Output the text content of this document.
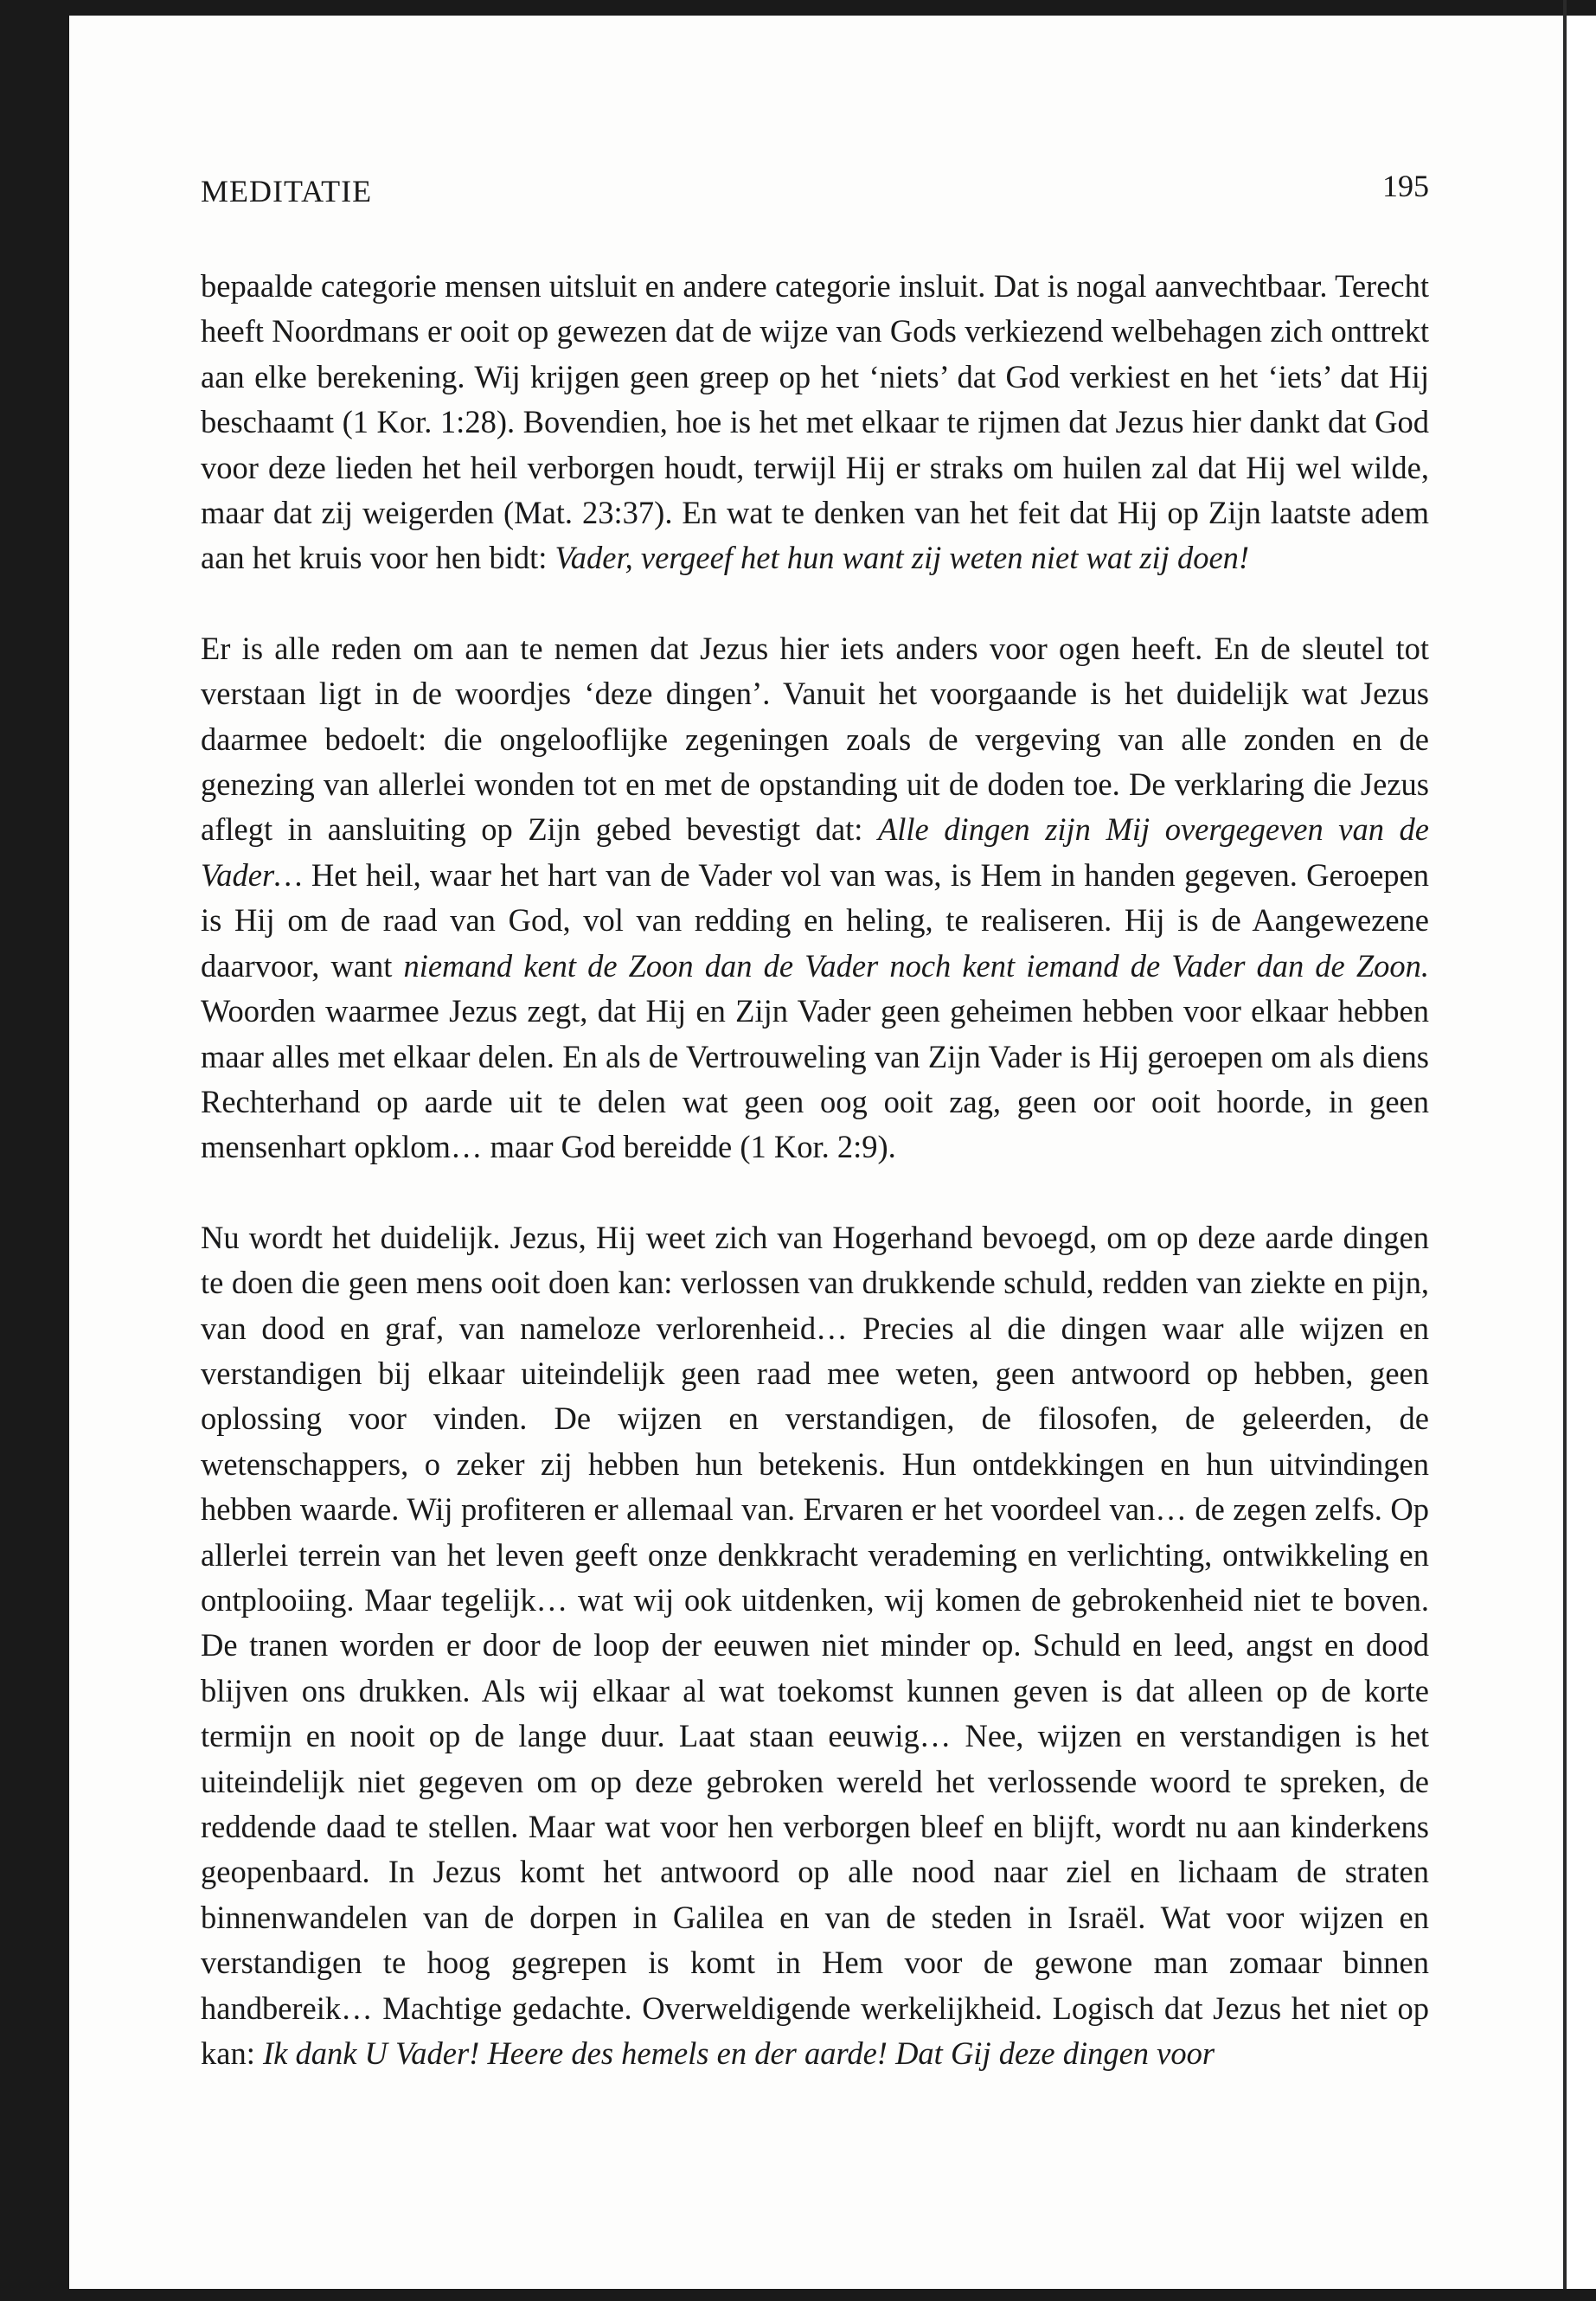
MEDITATIE	195

bepaalde categorie mensen uitsluit en andere categorie insluit. Dat is nogal aanvechtbaar. Terecht heeft Noordmans er ooit op gewezen dat de wijze van Gods verkiezend welbehagen zich onttrekt aan elke berekening. Wij krijgen geen greep op het ‘niets’ dat God verkiest en het ‘iets’ dat Hij beschaamt (1 Kor. 1:28). Bovendien, hoe is het met elkaar te rijmen dat Jezus hier dankt dat God voor deze lieden het heil verborgen houdt, terwijl Hij er straks om huilen zal dat Hij wel wilde, maar dat zij weigerden (Mat. 23:37). En wat te denken van het feit dat Hij op Zijn laatste adem aan het kruis voor hen bidt: Vader, vergeef het hun want zij weten niet wat zij doen!

Er is alle reden om aan te nemen dat Jezus hier iets anders voor ogen heeft. En de sleutel tot verstaan ligt in de woordjes ‘deze dingen’. Vanuit het voorgaande is het duidelijk wat Jezus daarmee bedoelt: die ongelooflijke zegeningen zoals de vergeving van alle zonden en de genezing van allerlei wonden tot en met de opstanding uit de doden toe. De verklaring die Jezus aflegt in aansluiting op Zijn gebed bevestigt dat: Alle dingen zijn Mij overgegeven van de Vader… Het heil, waar het hart van de Vader vol van was, is Hem in handen gegeven. Geroepen is Hij om de raad van God, vol van redding en heling, te realiseren. Hij is de Aangewezene daarvoor, want niemand kent de Zoon dan de Vader noch kent iemand de Vader dan de Zoon. Woorden waarmee Jezus zegt, dat Hij en Zijn Vader geen geheimen hebben voor elkaar hebben maar alles met elkaar delen. En als de Vertrouweling van Zijn Vader is Hij geroepen om als diens Rechterhand op aarde uit te delen wat geen oog ooit zag, geen oor ooit hoorde, in geen mensenhart opklom… maar God bereidde (1 Kor. 2:9).

Nu wordt het duidelijk. Jezus, Hij weet zich van Hogerhand bevoegd, om op deze aarde dingen te doen die geen mens ooit doen kan: verlossen van drukkende schuld, redden van ziekte en pijn, van dood en graf, van nameloze verlorenheid… Precies al die dingen waar alle wijzen en verstandigen bij elkaar uiteindelijk geen raad mee weten, geen antwoord op hebben, geen oplossing voor vinden. De wijzen en verstandigen, de filosofen, de geleerden, de wetenschappers, o zeker zij hebben hun betekenis. Hun ontdekkingen en hun uitvindingen hebben waarde. Wij profiteren er allemaal van. Ervaren er het voordeel van… de zegen zelfs. Op allerlei terrein van het leven geeft onze denkkracht verademing en verlichting, ontwikkeling en ontplooiing. Maar tegelijk… wat wij ook uitdenken, wij komen de gebrokenheid niet te boven. De tranen worden er door de loop der eeuwen niet minder op. Schuld en leed, angst en dood blijven ons drukken. Als wij elkaar al wat toekomst kunnen geven is dat alleen op de korte termijn en nooit op de lange duur. Laat staan eeuwig… Nee, wijzen en verstandigen is het uiteindelijk niet gegeven om op deze gebroken wereld het verlossende woord te spreken, de reddende daad te stellen. Maar wat voor hen verborgen bleef en blijft, wordt nu aan kinderkens geopenbaard. In Jezus komt het antwoord op alle nood naar ziel en lichaam de straten binnenwandelen van de dorpen in Galilea en van de steden in Israël. Wat voor wijzen en verstandigen te hoog gegrepen is komt in Hem voor de gewone man zomaar binnen handbereik… Machtige gedachte. Overweldigende werkelijkheid. Logisch dat Jezus het niet op kan: Ik dank U Vader! Heere des hemels en der aarde! Dat Gij deze dingen voor
